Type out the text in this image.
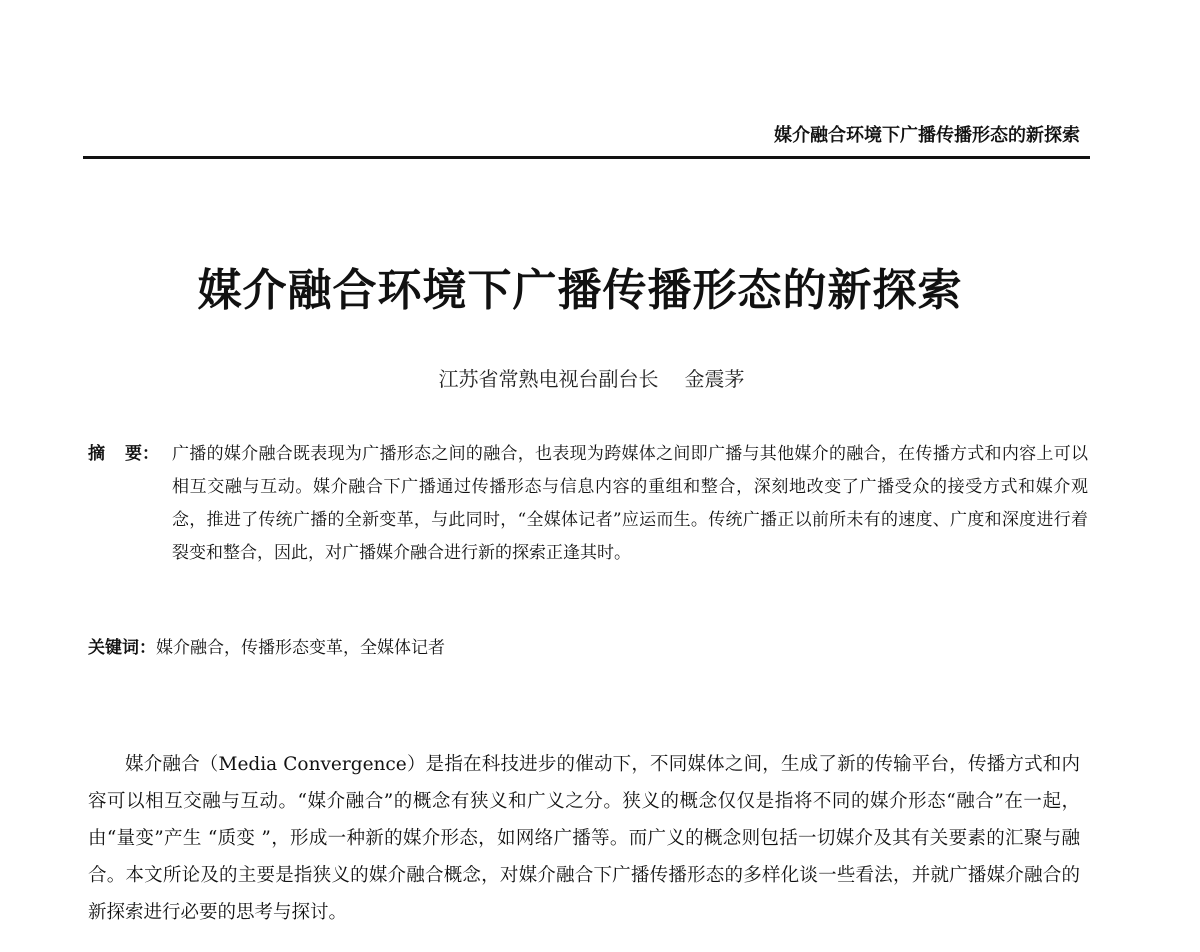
媒介融合环境下广播传播形态的新探索
媒介融合环境下广播传播形态的新探索
江苏省常熟电视台副台长 金震茅
摘 要： 广播的媒介融合既表现为广播形态之间的融合，也表现为跨媒体之间即广播与其他媒介的融合，在传播方式和内容上可以相互交融与互动。媒介融合下广播通过传播形态与信息内容的重组和整合，深刻地改变了广播受众的接受方式和媒介观念，推进了传统广播的全新变革，与此同时，“全媒体记者”应运而生。传统广播正以前所未有的速度、广度和深度进行着裂变和整合，因此，对广播媒介融合进行新的探索正逢其时。
关键词：媒介融合，传播形态变革，全媒体记者
媒介融合（Media Convergence）是指在科技进步的催动下，不同媒体之间，生成了新的传输平台，传播方式和内容可以相互交融与互动。“媒介融合”的概念有狭义和广义之分。狭义的概念仅仅是指将不同的媒介形态“融合”在一起，由“量变”产生 “质变 ”，形成一种新的媒介形态，如网络广播等。而广义的概念则包括一切媒介及其有关要素的汇聚与融合。本文所论及的主要是指狭义的媒介融合概念，对媒介融合下广播传播形态的多样化谈一些看法，并就广播媒介融合的新探索进行必要的思考与探讨。
